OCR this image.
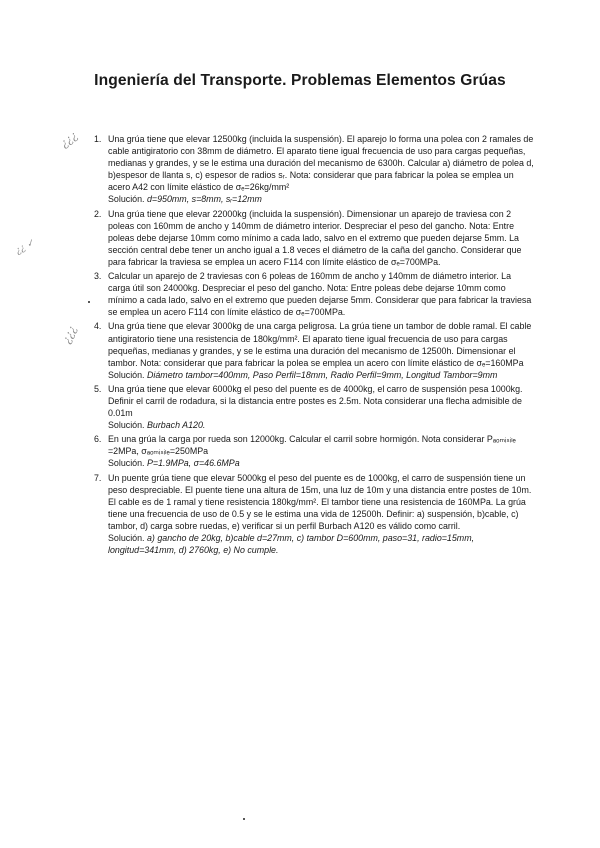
Ingeniería del Transporte. Problemas Elementos Grúas
¿¿¿
¿¿ ✓
¿¿¿
1. Una grúa tiene que elevar 12500kg (incluida la suspensión). El aparejo lo forma una polea con 2 ramales de cable antigiratorio con 38mm de diámetro. El aparato tiene igual frecuencia de uso para cargas pequeñas, medianas y grandes, y se le estima una duración del mecanismo de 6300h. Calcular a) diámetro de polea d, b)espesor de llanta s, c) espesor de radios sᵣ. Nota: considerar que para fabricar la polea se emplea un acero A42 con límite elástico de σₑ=26kg/mm²

Solución. d=950mm, s=8mm, sᵣ=12mm

2. Una grúa tiene que elevar 22000kg (incluida la suspensión). Dimensionar un aparejo de traviesa con 2 poleas con 160mm de ancho y 140mm de diámetro interior. Despreciar el peso del gancho. Nota: Entre poleas debe dejarse 10mm como mínimo a cada lado, salvo en el extremo que pueden dejarse 5mm. La sección central debe tener un ancho igual a 1.8 veces el diámetro de la caña del gancho. Considerar que para fabricar la traviesa se emplea un acero F114 con límite elástico de σₑ=700MPa.

3. Calcular un aparejo de 2 traviesas con 6 poleas de 160mm de ancho y 140mm de diámetro interior. La carga útil son 24000kg. Despreciar el peso del gancho. Nota: Entre poleas debe dejarse 10mm como mínimo a cada lado, salvo en el extremo que pueden dejarse 5mm. Considerar que para fabricar la traviesa se emplea un acero F114 con límite elástico de σₑ=700MPa.

4. Una grúa tiene que elevar 3000kg de una carga peligrosa. La grúa tiene un tambor de doble ramal. El cable antigiratorio tiene una resistencia de 180kg/mm². El aparato tiene igual frecuencia de uso para cargas pequeñas, medianas y grandes, y se le estima una duración del mecanismo de 12500h. Dimensionar el tambor. Nota: considerar que para fabricar la polea se emplea un acero con límite elástico de σₑ=160MPa

Solución. Diámetro tambor=400mm, Paso Perfil=18mm, Radio Perfil=9mm, Longitud Tambor=9mm

5. Una grúa tiene que elevar 6000kg el peso del puente es de 4000kg, el carro de suspensión pesa 1000kg. Definir el carril de rodadura, si la distancia entre postes es 2.5m. Nota considerar una flecha admisible de 0.01m

Solución. Burbach A120.

6. En una grúa la carga por rueda son 12000kg. Calcular el carril sobre hormigón. Nota considerar Pₐₒₘᵢₛᵢₗₑ =2MPa, σₐₒₘᵢₛᵢₗₑ=250MPa

Solución. P=1.9MPa, σ=46.6MPa

7. Un puente grúa tiene que elevar 5000kg el peso del puente es de 1000kg, el carro de suspensión tiene un peso despreciable. El puente tiene una altura de 15m, una luz de 10m y una distancia entre postes de 10m. El cable es de 1 ramal y tiene resistencia 180kg/mm². El tambor tiene una resistencia de 160MPa. La grúa tiene una frecuencia de uso de 0.5 y se le estima una vida de 12500h. Definir: a) suspensión, b)cable, c) tambor, d) carga sobre ruedas, e) verificar si un perfil Burbach A120 es válido como carril.

Solución. a) gancho de 20kg, b)cable d=27mm, c) tambor D=600mm, paso=31, radio=15mm, longitud=341mm, d) 2760kg, e) No cumple.
